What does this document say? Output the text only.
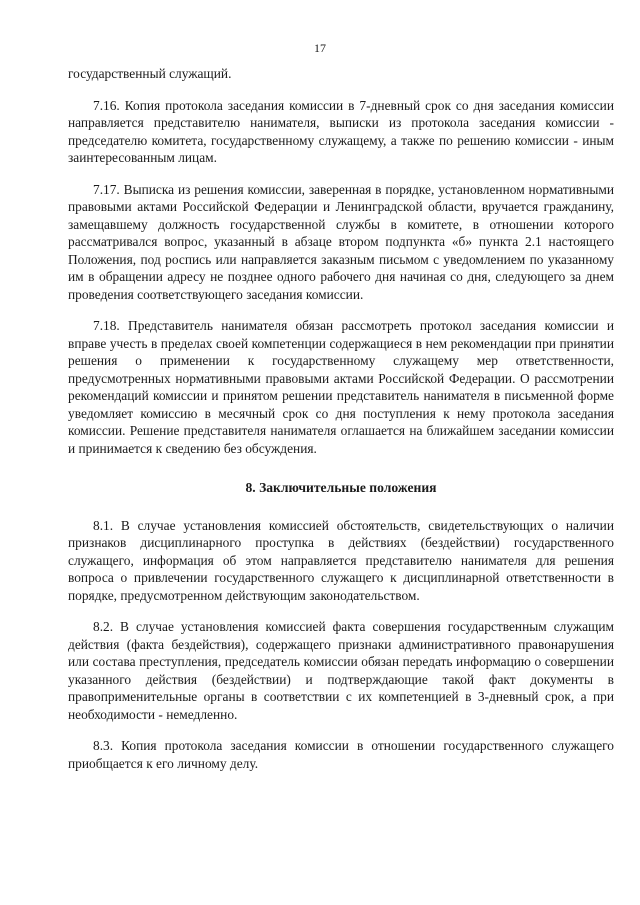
17

государственный служащий.

7.16. Копия протокола заседания комиссии в 7-дневный срок со дня заседания комиссии направляется представителю нанимателя, выписки из протокола заседания комиссии - председателю комитета, государственному служащему, а также по решению комиссии - иным заинтересованным лицам.

7.17. Выписка из решения комиссии, заверенная в порядке, установленном нормативными правовыми актами Российской Федерации и Ленинградской области, вручается гражданину, замещавшему должность государственной службы в комитете, в отношении которого рассматривался вопрос, указанный в абзаце втором подпункта «б» пункта 2.1 настоящего Положения, под роспись или направляется заказным письмом с уведомлением по указанному им в обращении адресу не позднее одного рабочего дня начиная со дня, следующего за днем проведения соответствующего заседания комиссии.

7.18. Представитель нанимателя обязан рассмотреть протокол заседания комиссии и вправе учесть в пределах своей компетенции содержащиеся в нем рекомендации при принятии решения о применении к государственному служащему мер ответственности, предусмотренных нормативными правовыми актами Российской Федерации. О рассмотрении рекомендаций комиссии и принятом решении представитель нанимателя в письменной форме уведомляет комиссию в месячный срок со дня поступления к нему протокола заседания комиссии. Решение представителя нанимателя оглашается на ближайшем заседании комиссии и принимается к сведению без обсуждения.

8. Заключительные положения

8.1. В случае установления комиссией обстоятельств, свидетельствующих о наличии признаков дисциплинарного проступка в действиях (бездействии) государственного служащего, информация об этом направляется представителю нанимателя для решения вопроса о привлечении государственного служащего к дисциплинарной ответственности в порядке, предусмотренном действующим законодательством.

8.2. В случае установления комиссией факта совершения государственным служащим действия (факта бездействия), содержащего признаки административного правонарушения или состава преступления, председатель комиссии обязан передать информацию о совершении указанного действия (бездействии) и подтверждающие такой факт документы в правоприменительные органы в соответствии с их компетенцией в 3-дневный срок, а при необходимости - немедленно.

8.3. Копия протокола заседания комиссии в отношении государственного служащего приобщается к его личному делу.
